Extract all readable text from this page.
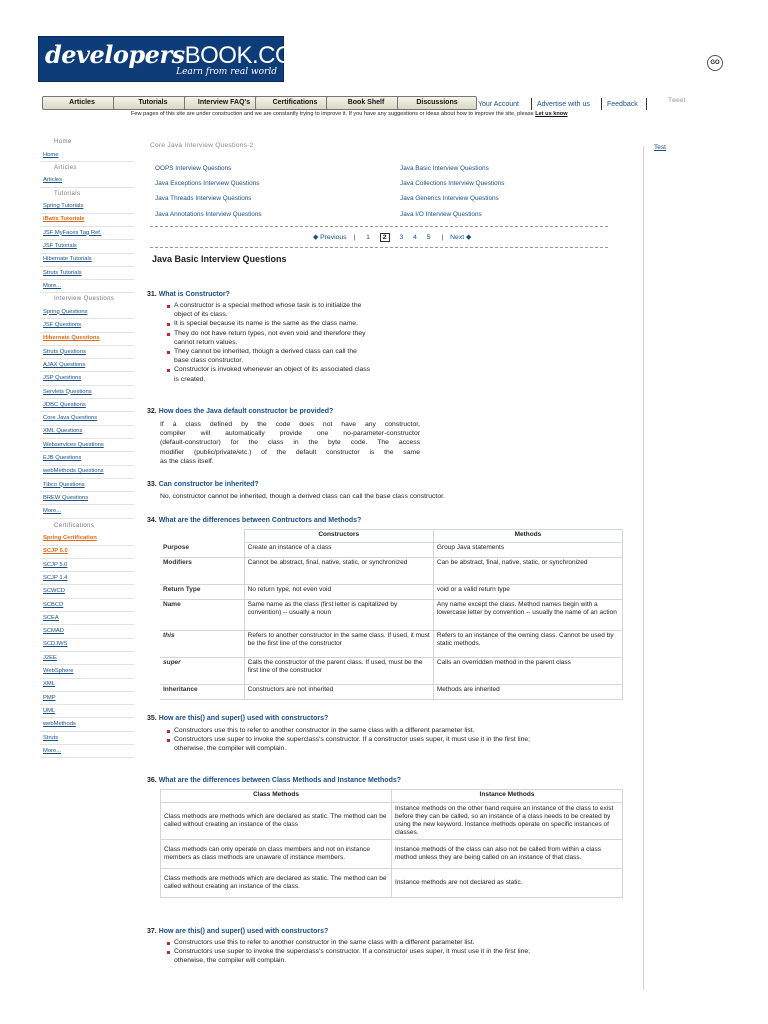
developersBOOK.COM
Learn from real world
GO
Articles	Tutorials	Interview FAQ's	Certifications	Book Shelf	Discussions	Your Account	Advertise with us Feedback
Tweet
Few pages of this site are under construction and we are constantly trying to improve it. If you have any suggestions or ideas about how to improve the site, please Let us know
Test
Home
Home
Articles
Articles
Tutorials
Spring Tutorials
iBatis Tutorials
JSF MyFaces Tag Ref.
JSF Tutorials
Hibernate Tutorials
Struts Tutorials
More...
Interview Questions
Spring Questions
JSF Questions
Hibernate Questions
Struts Questions
AJAX Questions
JSP Questions
Servlets Questions
JDBC Questions
Core Java Questions
XML Questions
Webservices Questions
EJB Questions
webMethods Questions
Tibco Questions
BREW Questions
More...
Certifications
Spring Certification
SCJP 6.0
SCJP 5.0
SCJP 1.4
SCWCD
SCBCD
SCEA
SCMAD
SCDJWS
J2EE
WebSphere
XML
PMP
UML
webMethods
Struts
More...
Core Java Interview Questions-2
OOPS Interview Questions
Java Exceptions Interview Questions
Java Threads Interview Questions
Java Annotations Interview Questions
Java Basic Interview Questions
Java Collections Interview Questions
Java Generics Interview Questions
Java I/O Interview Questions
◆ Previous | 1 2 3 4 5 | Next ◆
Java Basic Interview Questions
31. What is Constructor?
A constructor is a special method whose task is to initialize the
object of its class.
It is special because its name is the same as the class name.
They do not have return types, not even void and therefore they
cannot return values.
They cannot be inherited, though a derived class can call the
base class constructor.
Constructor is invoked whenever an object of its associated class
is created.
32. How does the Java default constructor be provided?
If a class defined by the code does not have any constructor,
compiler will automatically provide one no-parameter-constructor
(default-constructor) for the class in the byte code. The access
modifier (public/private/etc.) of the default constructor is the same
as the class itself.
33. Can constructor be inherited?
No, constructor cannot be inherited, though a derived class can call the base class constructor.
34. What are the differences between Contructors and Methods?
	Constructors	Methods
Purpose	Create an instance of a class	Group Java statements
Modifiers	Cannot be abstract, final, native, static, or synchronized	Can be abstract, final, native, static, or synchronized
Return Type	No return type, not even void	void or a valid return type
Name	Same name as the class (first letter is capitalized by convention) -- usually a noun	Any name except the class. Method names begin with a lowercase letter by convention -- usually the name of an action
this	Refers to another constructor in the same class. If used, it must be the first line of the constructor	Refers to an instance of the owning class. Cannot be used by static methods.
super	Calls the constructor of the parent class. If used, must be the first line of the constructor	Calls an overridden method in the parent class
Inheritance	Constructors are not inherited	Methods are inherited
35. How are this() and super() used with constructors?
Constructors use this to refer to another constructor in the same class with a different parameter list.
Constructors use super to invoke the superclass's constructor. If a constructor uses super, it must use it in the first line;
otherwise, the compiler will complain.
36. What are the differences between Class Methods and Instance Methods?
Class Methods	Instance Methods
Class methods are methods which are declared as static. The method can be called without creating an instance of the class	Instance methods on the other hand require an instance of the class to exist before they can be called, so an instance of a class needs to be created by using the new keyword. Instance methods operate on specific instances of classes.
Class methods can only operate on class members and not on instance members as class methods are unaware of instance members.	Instance methods of the class can also not be called from within a class method unless they are being called on an instance of that class.
Class methods are methods which are declared as static. The method can be called without creating an instance of the class.	Instance methods are not declared as static.
37. How are this() and super() used with constructors?
Constructors use this to refer to another constructor in the same class with a different parameter list.
Constructors use super to invoke the superclass's constructor. If a constructor uses super, it must use it in the first line;
otherwise, the compiler will complain.
